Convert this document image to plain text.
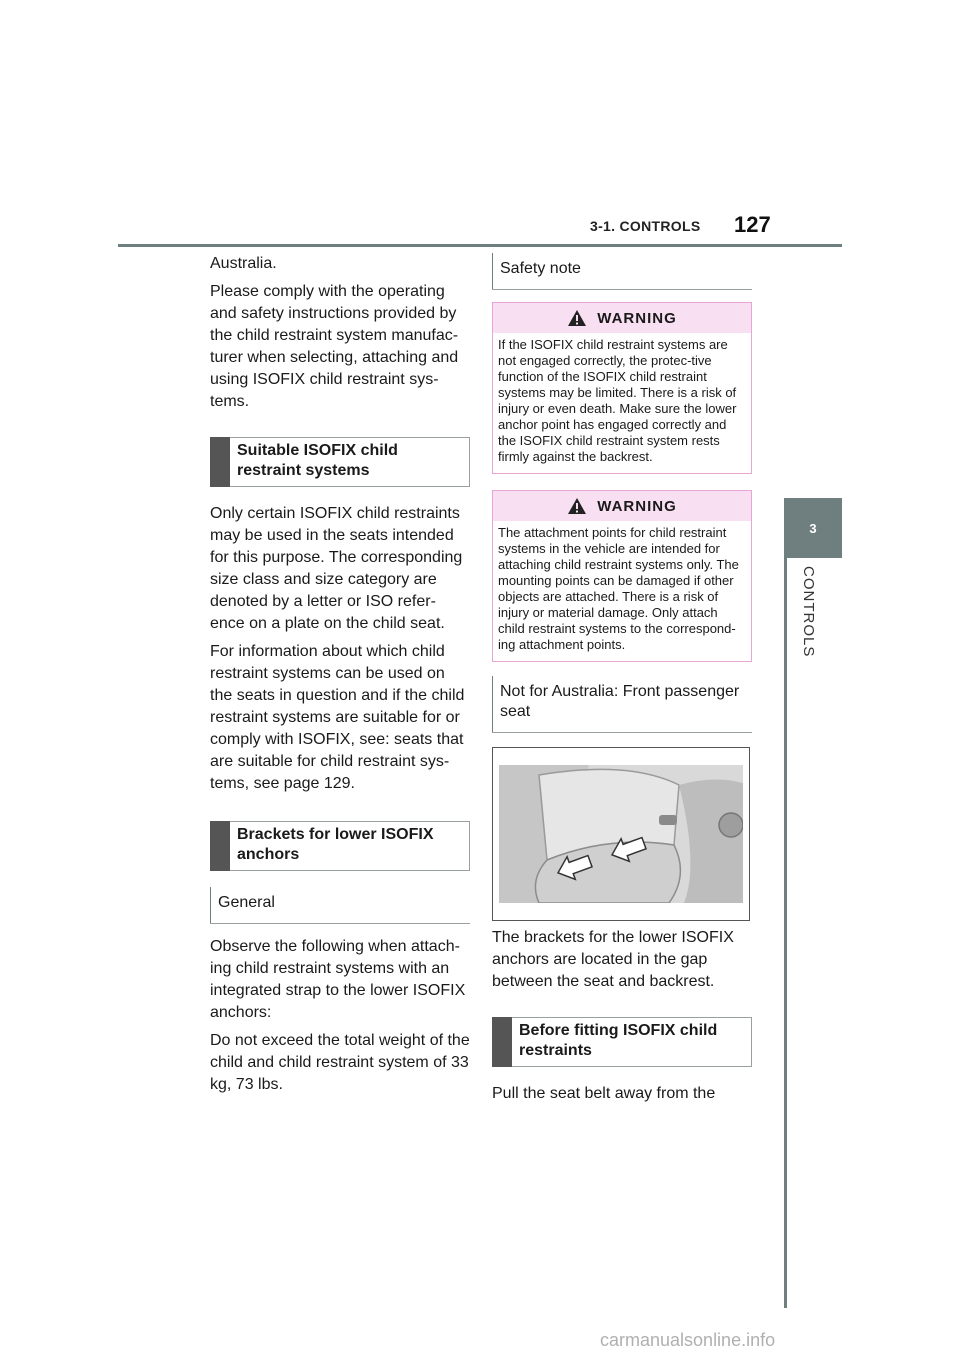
3-1. CONTROLS 127
3
CONTROLS

Australia.

Please comply with the operating and safety instructions provided by the child restraint system manufac-turer when selecting, attaching and using ISOFIX child restraint sys-tems.

Suitable ISOFIX child restraint systems

Only certain ISOFIX child restraints may be used in the seats intended for this purpose. The corresponding size class and size category are denoted by a letter or ISO refer-ence on a plate on the child seat.

For information about which child restraint systems can be used on the seats in question and if the child restraint systems are suitable for or comply with ISOFIX, see: seats that are suitable for child restraint sys-tems, see page 129.

Brackets for lower ISOFIX anchors
General

Observe the following when attach-ing child restraint systems with an integrated strap to the lower ISOFIX anchors:

Do not exceed the total weight of the child and child restraint system of 33 kg, 73 lbs.

Safety note
WARNING
If the ISOFIX child restraint systems are not engaged correctly, the protec-tive function of the ISOFIX child restraint systems may be limited. There is a risk of injury or even death. Make sure the lower anchor point has engaged correctly and the ISOFIX child restraint system rests firmly against the backrest.
WARNING
The attachment points for child restraint systems in the vehicle are intended for attaching child restraint systems only. The mounting points can be damaged if other objects are attached. There is a risk of injury or material damage. Only attach child restraint systems to the correspond-ing attachment points.
Not for Australia: Front passenger seat

The brackets for the lower ISOFIX anchors are located in the gap between the seat and backrest.

Before fitting ISOFIX child restraints

Pull the seat belt away from the

carmanualsonline.info
